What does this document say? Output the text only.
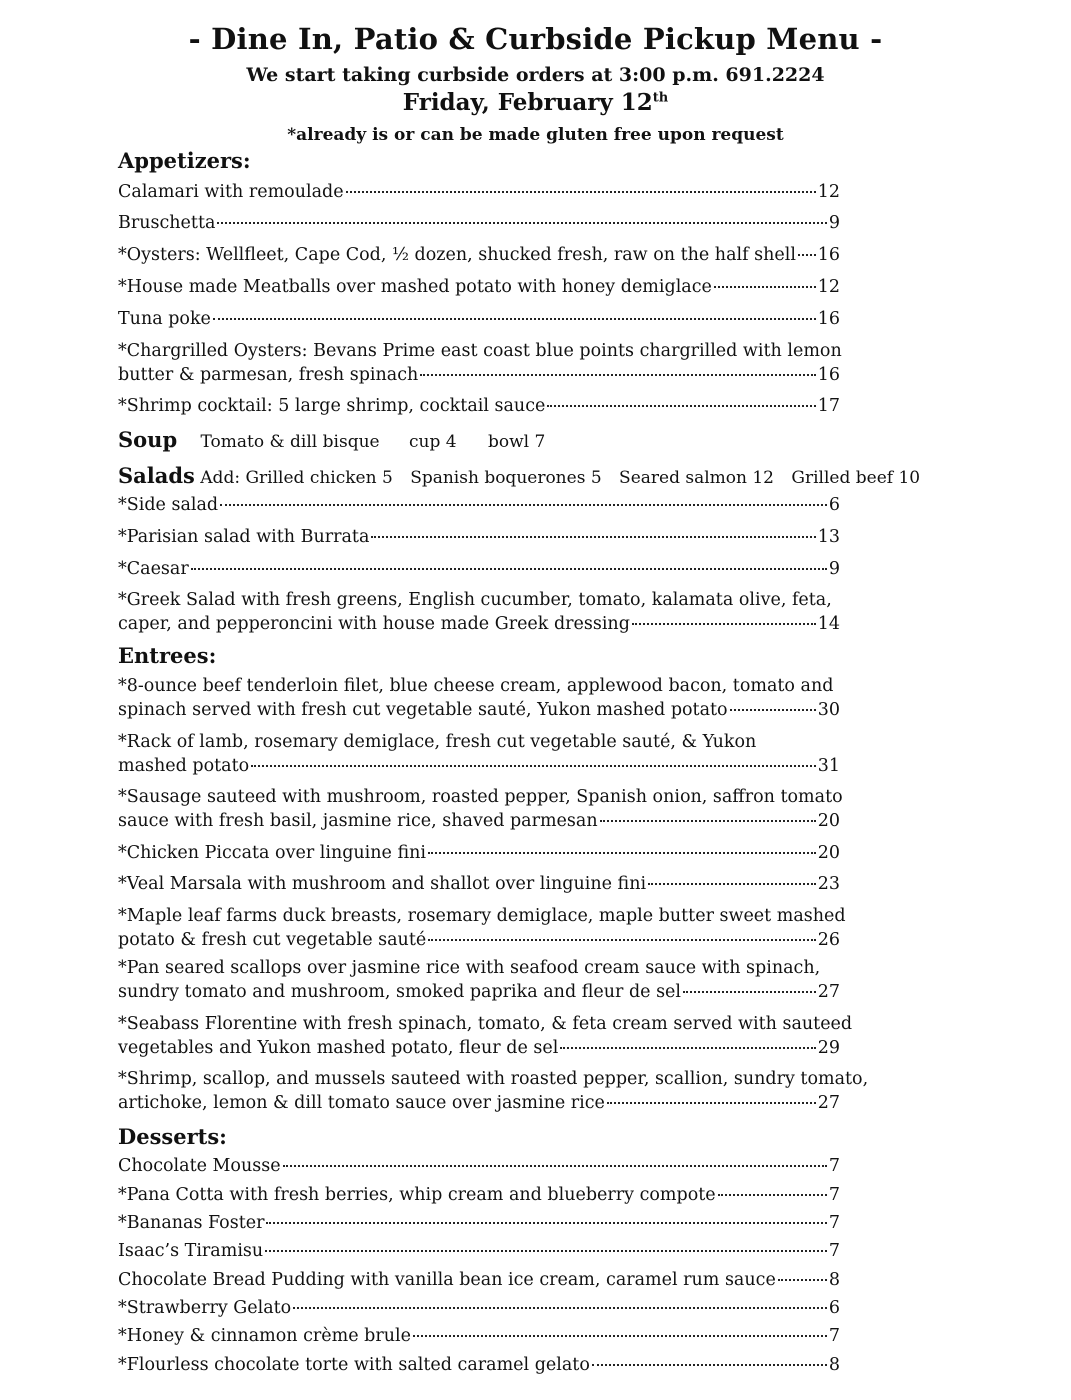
- Dine In, Patio & Curbside Pickup Menu -
We start taking curbside orders at 3:00 p.m. 691.2224
Friday, February 12th
*already is or can be made gluten free upon request
Appetizers:
Calamari with remoulade	12
Bruschetta	9
*Oysters: Wellfleet, Cape Cod, ½ dozen, shucked fresh, raw on the half shell 16
*House made Meatballs over mashed potato with honey demiglace	12
Tuna poke	16
*Chargrilled Oysters: Bevans Prime east coast blue points chargrilled with lemon
butter & parmesan, fresh spinach	16
*Shrimp cocktail: 5 large shrimp, cocktail sauce	17
Soup Tomato & dill bisque cup 4 bowl 7
Salads Add: Grilled chicken 5 Spanish boquerones 5 Seared salmon 12 Grilled beef 10
*Side salad	6
*Parisian salad with Burrata	13
*Caesar	9
*Greek Salad with fresh greens, English cucumber, tomato, kalamata olive, feta,
caper, and pepperoncini with house made Greek dressing	14
Entrees:
*8-ounce beef tenderloin filet, blue cheese cream, applewood bacon, tomato and
spinach served with fresh cut vegetable sauté, Yukon mashed potato	30
*Rack of lamb, rosemary demiglace, fresh cut vegetable sauté, & Yukon
mashed potato	31
*Sausage sauteed with mushroom, roasted pepper, Spanish onion, saffron tomato
sauce with fresh basil, jasmine rice, shaved parmesan	20
*Chicken Piccata over linguine fini	20
*Veal Marsala with mushroom and shallot over linguine fini	23
*Maple leaf farms duck breasts, rosemary demiglace, maple butter sweet mashed
potato & fresh cut vegetable sauté	26
*Pan seared scallops over jasmine rice with seafood cream sauce with spinach,
sundry tomato and mushroom, smoked paprika and fleur de sel	27
*Seabass Florentine with fresh spinach, tomato, & feta cream served with sauteed
vegetables and Yukon mashed potato, fleur de sel	29
*Shrimp, scallop, and mussels sauteed with roasted pepper, scallion, sundry tomato,
artichoke, lemon & dill tomato sauce over jasmine rice	27
Desserts:
Chocolate Mousse	7
*Pana Cotta with fresh berries, whip cream and blueberry compote	7
*Bananas Foster	7
Isaac’s Tiramisu	7
Chocolate Bread Pudding with vanilla bean ice cream, caramel rum sauce	8
*Strawberry Gelato	6
*Honey & cinnamon crème brule	7
*Flourless chocolate torte with salted caramel gelato	8
